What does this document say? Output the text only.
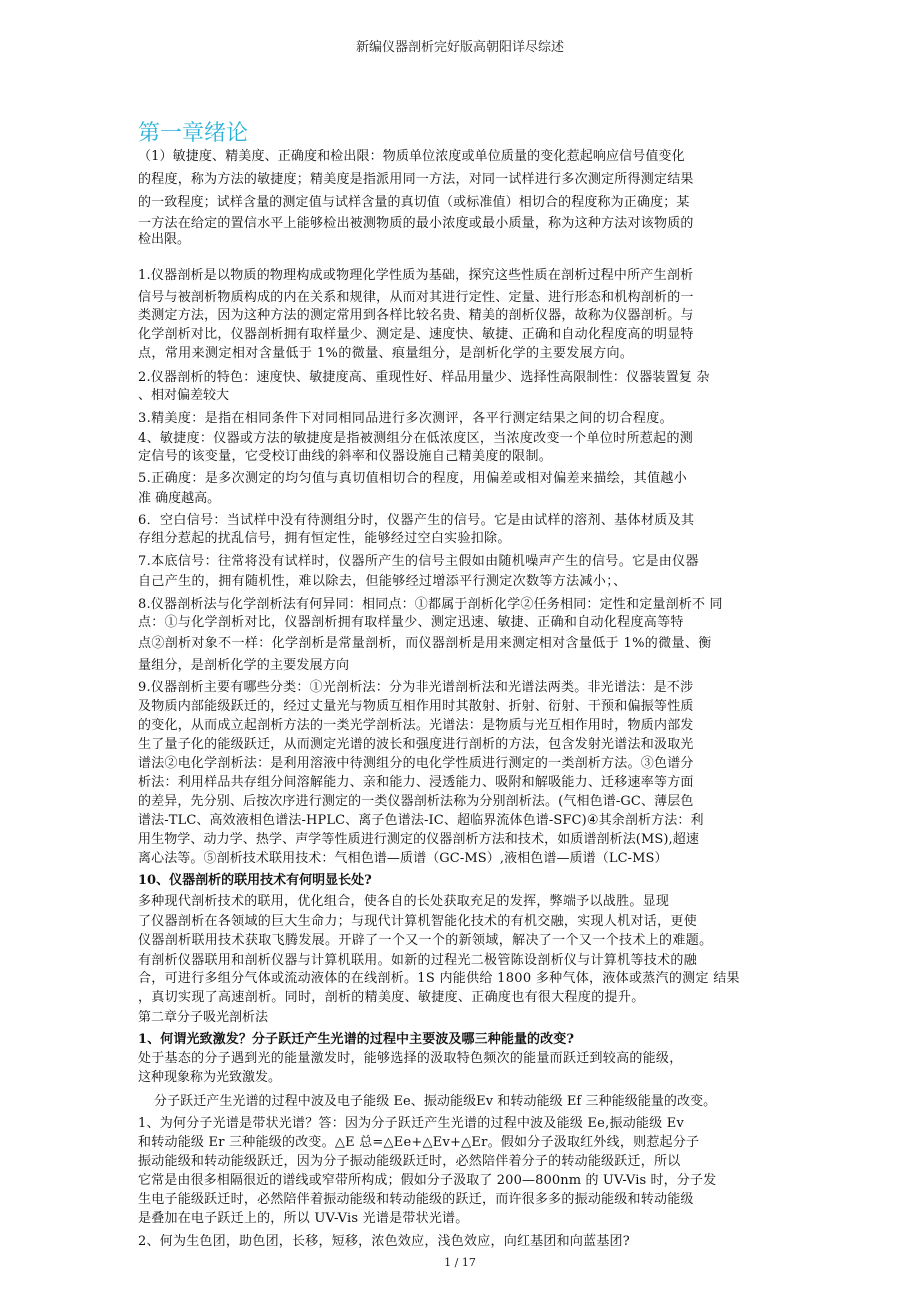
新编仪器剖析完好版高朝阳详尽综述
第一章绪论
（1）敏捷度、精美度、正确度和检出限：物质单位浓度或单位质量的变化惹起响应信号值变化
的程度，称为方法的敏捷度；精美度是指派用同一方法，对同一试样进行多次测定所得测定结果
的一致程度；试样含量的测定值与试样含量的真切值（或标准值）相切合的程度称为正确度；某
一方法在给定的置信水平上能够检出被测物质的最小浓度或最小质量，称为这种方法对该物质的
检出限。
1.仪器剖析是以物质的物理构成或物理化学性质为基础，探究这些性质在剖析过程中所产生剖析
信号与被剖析物质构成的内在关系和规律，从而对其进行定性、定量、进行形态和机构剖析的一
类测定方法，因为这种方法的测定常用到各样比较名贵、精美的剖析仪器，故称为仪器剖析。与
化学剖析对比，仪器剖析拥有取样量少、测定是、速度快、敏捷、正确和自动化程度高的明显特
点，常用来测定相对含量低于 1%的微量、痕量组分，是剖析化学的主要发展方向。
2.仪器剖析的特色：速度快、敏捷度高、重现性好、样品用量少、选择性高限制性：仪器装置复 杂
、相对偏差较大
3.精美度：是指在相同条件下对同相同品进行多次测评，各平行测定结果之间的切合程度。
4、敏捷度：仪器或方法的敏捷度是指被测组分在低浓度区，当浓度改变一个单位时所惹起的测
定信号的该变量，它受校订曲线的斜率和仪器设施自己精美度的限制。
5.正确度：是多次测定的均匀值与真切值相切合的程度，用偏差或相对偏差来描绘，其值越小
准 确度越高。
6．空白信号：当试样中没有待测组分时，仪器产生的信号。它是由试样的溶剂、基体材质及其
存组分惹起的扰乱信号，拥有恒定性，能够经过空白实验扣除。
7.本底信号：往常将没有试样时，仪器所产生的信号主假如由随机噪声产生的信号。它是由仪器
自己产生的，拥有随机性，难以除去，但能够经过增添平行测定次数等方法减小；、
8.仪器剖析法与化学剖析法有何异同：相同点：①都属于剖析化学②任务相同：定性和定量剖析不 同
点：①与化学剖析对比，仪器剖析拥有取样量少、测定迅速、敏捷、正确和自动化程度高等特
点②剖析对象不一样：化学剖析是常量剖析，而仪器剖析是用来测定相对含量低于 1%的微量、衡
量组分，是剖析化学的主要发展方向
9.仪器剖析主要有哪些分类：①光剖析法：分为非光谱剖析法和光谱法两类。非光谱法：是不涉
及物质内部能级跃迁的，经过丈量光与物质互相作用时其散射、折射、衍射、干预和偏振等性质
的变化，从而成立起剖析方法的一类光学剖析法。光谱法：是物质与光互相作用时，物质内部发
生了量子化的能级跃迁，从而测定光谱的波长和强度进行剖析的方法，包含发射光谱法和汲取光
谱法②电化学剖析法：是利用溶液中待测组分的电化学性质进行测定的一类剖析方法。③色谱分
析法：利用样品共存组分间溶解能力、亲和能力、浸透能力、吸附和解吸能力、迁移速率等方面
的差异，先分别、后按次序进行测定的一类仪器剖析法称为分别剖析法。(气相色谱-GC、薄层色
谱法-TLC、高效液相色谱法-HPLC、离子色谱法-IC、超临界流体色谱-SFC)④其余剖析方法：利
用生物学、动力学、热学、声学等性质进行测定的仪器剖析方法和技术，如质谱剖析法(MS),超速
离心法等。⑤剖析技术联用技术：气相色谱—质谱（GC-MS）,液相色谱—质谱（LC-MS）
10、仪器剖析的联用技术有何明显长处?
多种现代剖析技术的联用，优化组合，使各自的长处获取充足的发挥，弊端予以战胜。显现
了仪器剖析在各领域的巨大生命力；与现代计算机智能化技术的有机交融，实现人机对话，更使
仪器剖析联用技术获取飞腾发展。开辟了一个又一个的新领域，解决了一个又一个技术上的难题。
有剖析仪器联用和剖析仪器与计算机联用。如新的过程光二极管陈设剖析仪与计算机等技术的融
合，可进行多组分气体或流动液体的在线剖析。1S 内能供给 1800 多种气体，液体或蒸汽的测定 结果
，真切实现了高速剖析。同时，剖析的精美度、敏捷度、正确度也有很大程度的提升。
第二章分子吸光剖析法
1、何谓光致激发？分子跃迁产生光谱的过程中主要波及哪三种能量的改变?
处于基态的分子遇到光的能量激发时，能够选择的汲取特色频次的能量而跃迁到较高的能级，
这种现象称为光致激发。
分子跃迁产生光谱的过程中波及电子能级 Ee、振动能级Ev 和转动能级 Ef 三种能级能量的改变。
1、为何分子光谱是带状光谱？答：因为分子跃迁产生光谱的过程中波及能级 Ee,振动能级 Ev
和转动能级 Er 三种能级的改变。△E 总=△Ee+△Ev+△Er。假如分子汲取红外线，则惹起分子
振动能级和转动能级跃迁，因为分子振动能级跃迁时，必然陪伴着分子的转动能级跃迁，所以
它常是由很多相隔很近的谱线或窄带所构成；假如分子汲取了 200—800nm 的 UV-Vis 时，分子发
生电子能级跃迁时，必然陪伴着振动能级和转动能级的跃迁，而许很多多的振动能级和转动能级
是叠加在电子跃迁上的，所以 UV-Vis 光谱是带状光谱。
2、何为生色团，助色团，长移，短移，浓色效应，浅色效应，向红基团和向蓝基团?
1 / 17
